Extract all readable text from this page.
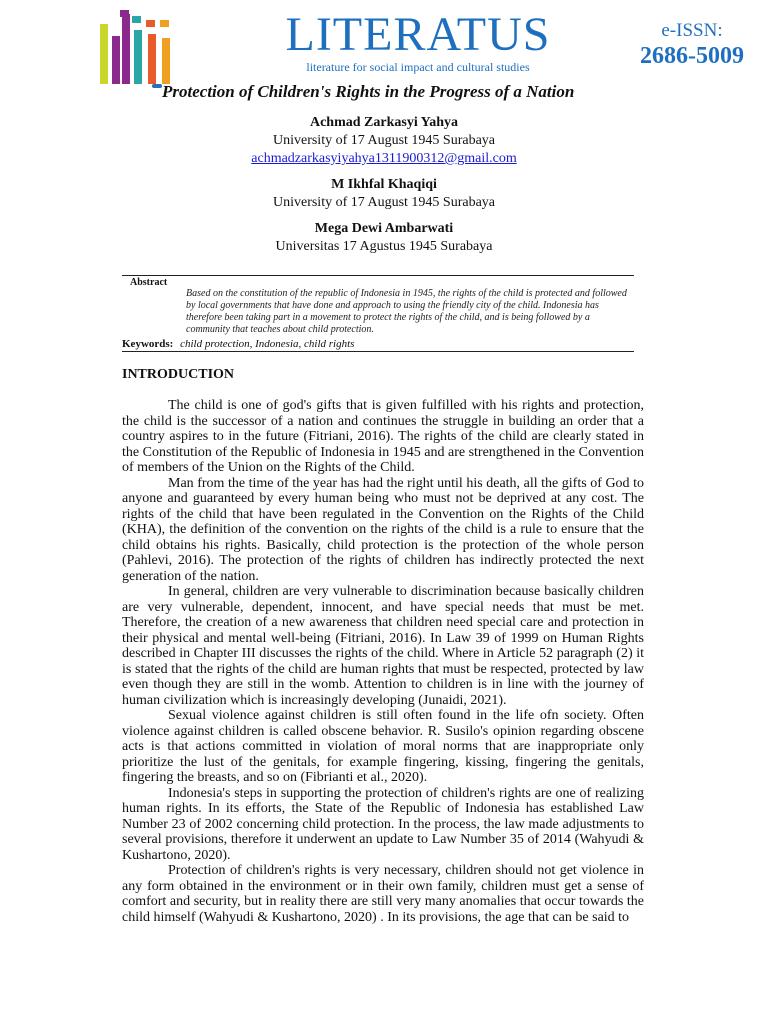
LITERATUS
literature for social impact and cultural studies
e-ISSN:
2686-5009
Protection of Children's Rights in the Progress of a Nation
Achmad Zarkasyi Yahya
University of 17 August 1945 Surabaya
achmadzarkasyiyahya1311900312@gmail.com
M Ikhfal Khaqiqi
University of 17 August 1945 Surabaya
Mega Dewi Ambarwati
Universitas 17 Agustus 1945 Surabaya
Abstract
Based on the constitution of the republic of Indonesia in 1945, the rights of the child is protected and followed by local governments that have done and approach to using the friendly city of the child. Indonesia has therefore been taking part in a movement to protect the rights of the child, and is being followed by a community that teaches about child protection.
Keywords: child protection, Indonesia, child rights
INTRODUCTION

The child is one of god's gifts that is given fulfilled with his rights and protection, the child is the successor of a nation and continues the struggle in building an order that a country aspires to in the future (Fitriani, 2016). The rights of the child are clearly stated in the Constitution of the Republic of Indonesia in 1945 and are strengthened in the Convention of members of the Union on the Rights of the Child.

Man from the time of the year has had the right until his death, all the gifts of God to anyone and guaranteed by every human being who must not be deprived at any cost. The rights of the child that have been regulated in the Convention on the Rights of the Child (KHA), the definition of the convention on the rights of the child is a rule to ensure that the child obtains his rights. Basically, child protection is the protection of the whole person (Pahlevi, 2016). The protection of the rights of children has indirectly protected the next generation of the nation.

In general, children are very vulnerable to discrimination because basically children are very vulnerable, dependent, innocent, and have special needs that must be met. Therefore, the creation of a new awareness that children need special care and protection in their physical and mental well-being (Fitriani, 2016). In Law 39 of 1999 on Human Rights described in Chapter III discusses the rights of the child. Where in Article 52 paragraph (2) it is stated that the rights of the child are human rights that must be respected, protected by law even though they are still in the womb. Attention to children is in line with the journey of human civilization which is increasingly developing (Junaidi, 2021).

Sexual violence against children is still often found in the life ofn society. Often violence against children is called obscene behavior. R. Susilo's opinion regarding obscene acts is that actions committed in violation of moral norms that are inappropriate only prioritize the lust of the genitals, for example fingering, kissing, fingering the genitals, fingering the breasts, and so on (Fibrianti et al., 2020).

Indonesia's steps in supporting the protection of children's rights are one of realizing human rights. In its efforts, the State of the Republic of Indonesia has established Law Number 23 of 2002 concerning child protection. In the process, the law made adjustments to several provisions, therefore it underwent an update to Law Number 35 of 2014 (Wahyudi & Kushartono, 2020).

Protection of children's rights is very necessary, children should not get violence in any form obtained in the environment or in their own family, children must get a sense of comfort and security, but in reality there are still very many anomalies that occur towards the child himself (Wahyudi & Kushartono, 2020) . In its provisions, the age that can be said to
